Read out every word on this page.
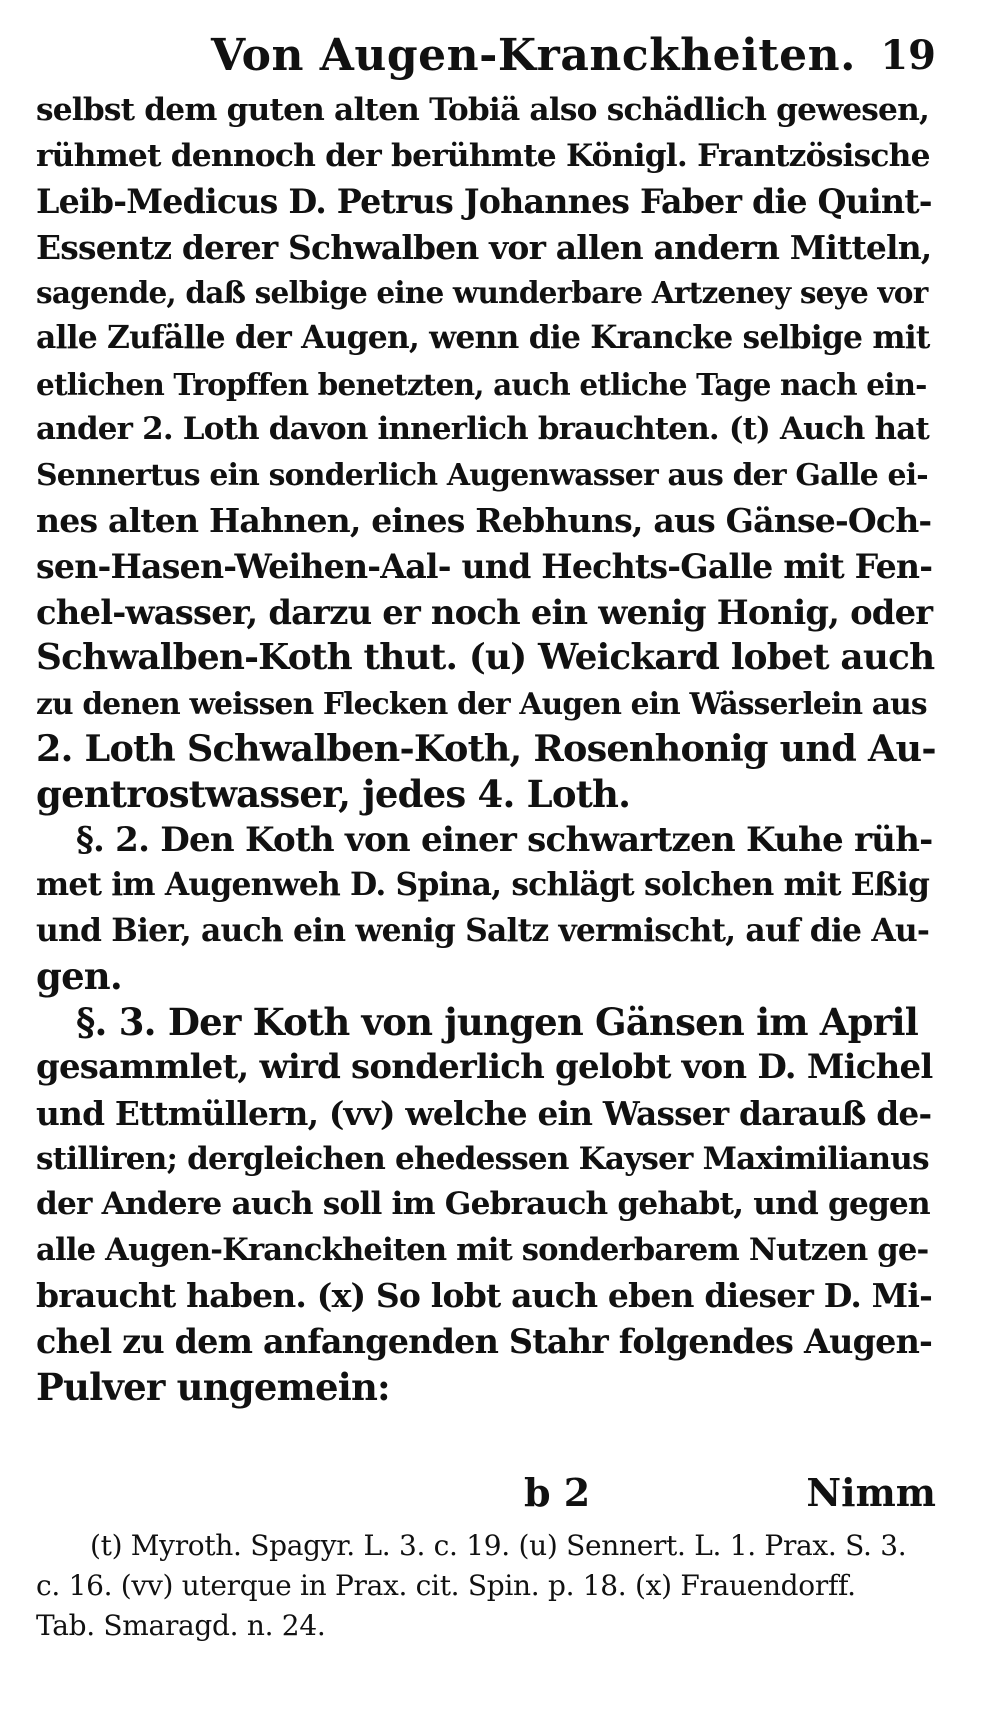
Von Augen-Kranckheiten. 19
selbst dem guten alten Tobiä also schädlich gewesen,
rühmet dennoch der berühmte Königl. Frantzösische
Leib-Medicus D. Petrus Johannes Faber die Quint-
Essentz derer Schwalben vor allen andern Mitteln,
sagende, daß selbige eine wunderbare Artzeney seye vor
alle Zufälle der Augen, wenn die Krancke selbige mit
etlichen Tropffen benetzten, auch etliche Tage nach ein-
ander 2. Loth davon innerlich brauchten. (t) Auch hat
Sennertus ein sonderlich Augenwasser aus der Galle ei-
nes alten Hahnen, eines Rebhuns, aus Gänse-Och-
sen-Hasen-Weihen-Aal- und Hechts-Galle mit Fen-
chel-wasser, darzu er noch ein wenig Honig, oder
Schwalben-Koth thut. (u) Weickard lobet auch
zu denen weissen Flecken der Augen ein Wässerlein aus
2. Loth Schwalben-Koth, Rosenhonig und Au-
gentrostwasser, jedes 4. Loth.
§. 2. Den Koth von einer schwartzen Kuhe rüh-
met im Augenweh D. Spina, schlägt solchen mit Eßig
und Bier, auch ein wenig Saltz vermischt, auf die Au-
gen.
§. 3. Der Koth von jungen Gänsen im April
gesammlet, wird sonderlich gelobt von D. Michel
und Ettmüllern, (vv) welche ein Wasser darauß de-
stilliren; dergleichen ehedessen Kayser Maximilianus
der Andere auch soll im Gebrauch gehabt, und gegen
alle Augen-Kranckheiten mit sonderbarem Nutzen ge-
braucht haben. (x) So lobt auch eben dieser D. Mi-
chel zu dem anfangenden Stahr folgendes Augen-
Pulver ungemein:
b 2	Nimm
(t) Myroth. Spagyr. L. 3. c. 19. (u) Sennert. L. 1. Prax. S. 3.
c. 16. (vv) uterque in Prax. cit. Spin. p. 18. (x) Frauendorff.
Tab. Smaragd. n. 24.
